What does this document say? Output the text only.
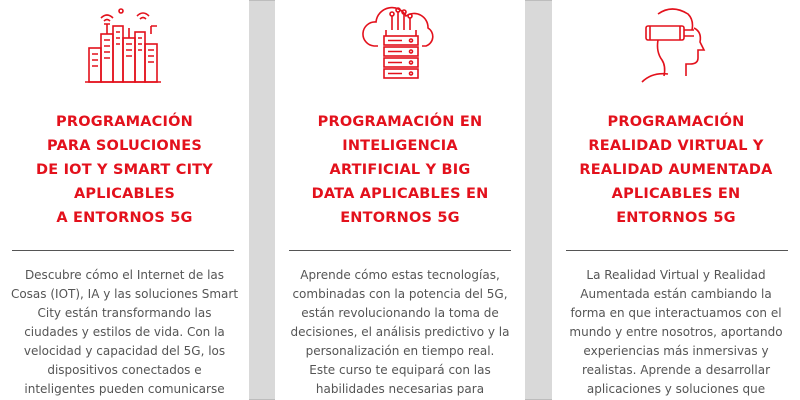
PROGRAMACIÓN
PARA SOLUCIONES
DE IOT Y SMART CITY
APLICABLES
A ENTORNOS 5G
Descubre cómo el Internet de las
Cosas (IOT), IA y las soluciones Smart
City están transformando las
ciudades y estilos de vida. Con la
velocidad y capacidad del 5G, los
dispositivos conectados e
inteligentes pueden comunicarse
PROGRAMACIÓN EN
INTELIGENCIA
ARTIFICIAL Y BIG
DATA APLICABLES EN
ENTORNOS 5G
Aprende cómo estas tecnologías,
combinadas con la potencia del 5G,
están revolucionando la toma de
decisiones, el análisis predictivo y la
personalización en tiempo real.
Este curso te equipará con las
habilidades necesarias para
PROGRAMACIÓN
REALIDAD VIRTUAL Y
REALIDAD AUMENTADA
APLICABLES EN
ENTORNOS 5G
La Realidad Virtual y Realidad
Aumentada están cambiando la
forma en que interactuamos con el
mundo y entre nosotros, aportando
experiencias más inmersivas y
realistas. Aprende a desarrollar
aplicaciones y soluciones que
